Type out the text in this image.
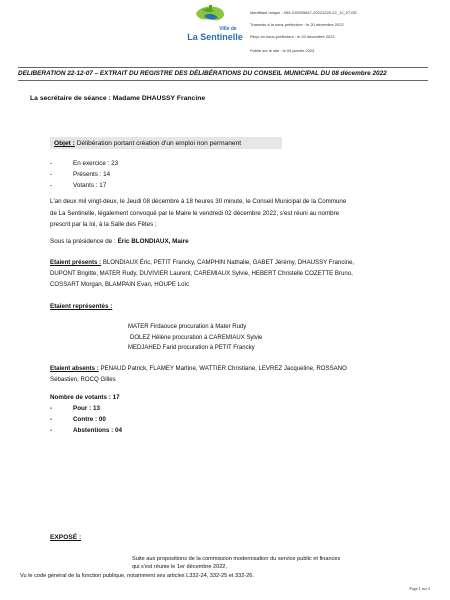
Ville de
La Sentinelle
Identifiant unique : 059-215905647-20221220-22_12_07-DE
Transmis à la sous-préfecture : le 20 décembre 2022
Reçu en sous-préfecture : le 20 décembre 2022
Publié sur le site : le 04 janvier 2023
DELIBERATION 22-12-07 – EXTRAIT DU REGISTRE DES DÉLIBÉRATIONS DU CONSEIL MUNICIPAL DU 08 décembre 2022
La secrétaire de séance : Madame DHAUSSY Francine
Objet : Délibération portant création d'un emploi non permanent
-	En exercice : 23
-	Présents : 14
-	Votants : 17
L'an deux mil vingt-deux, le Jeudi 08 décembre à 18 heures 30 minute, le Conseil Municipal de la Commune
de La Sentinelle, légalement convoqué par le Maire le vendredi 02 décembre 2022, s'est réuni au nombre
prescrit par la loi, à la Salle des Fêtes ;
Sous la présidence de : Éric BLONDIAUX, Maire
Etaient présents : BLONDIAUX Éric, PETIT Francky, CAMPHIN Nathalie, GABET Jérémy, DHAUSSY Francine,
DUPONT Brigitte, MATER Rudy, DUVIVIER Laurent, CAREMIAUX Sylvie, HEBERT Christelle COZETTE Bruno,
COSSART Morgan, BLAMPAIN Evan, HOUPE Loïc
Etaient représentés :
MATER Firdaouce procuration à Mater Rudy
DOLEZ Hélène procuration à CAREMIAUX Sylvie
MEDJAHED Farid procuration à PETIT Francky
Etaient absents : PENAUD Patrick, FLAMEY Martine, WATTIER Christiane, LEVREZ Jacqueline, ROSSANO
Sébastien, ROCQ Gilles
Nombre de votants : 17
-	Pour : 13
-	Contre : 00
-	Abstentions : 04
EXPOSÉ :
Suite aux propositions de la commission modernisation du service public et finances
qui s'est réunie le 1er décembre 2022,
Vu le code général de la fonction publique, notamment ses articles L332-24, 332-25 et 332-26.
Page 1 sur 2
